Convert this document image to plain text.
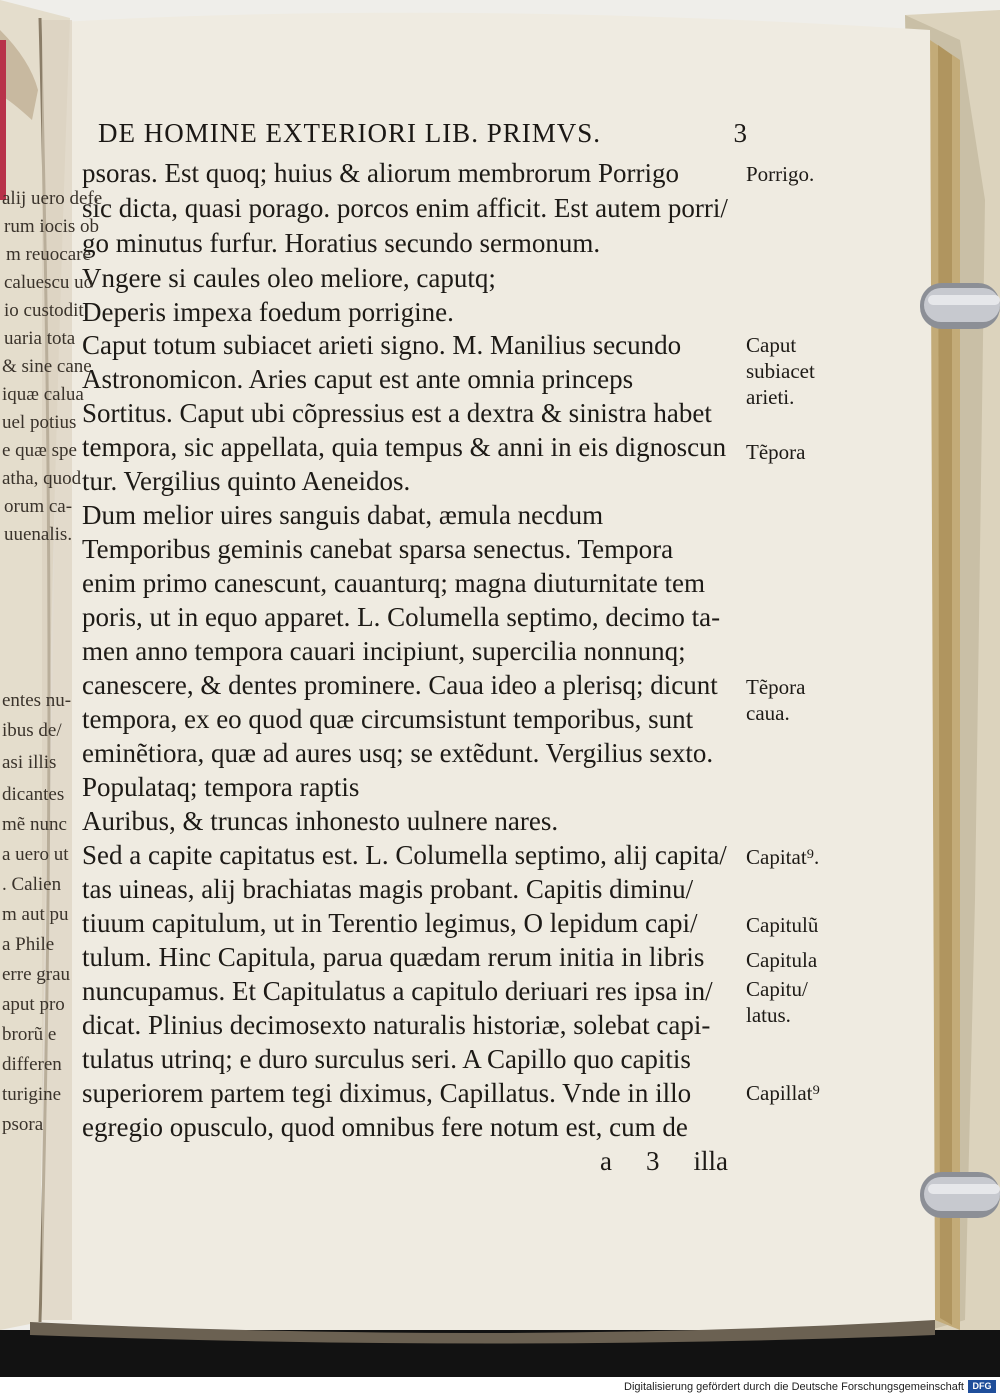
DE HOMINE EXTERIORI LIB. PRIMVS.	3
psoras. Est quoq; huius & aliorum membrorum Porrigo
sic dicta, quasi porago. porcos enim afficit. Est autem porri/
go minutus furfur. Horatius secundo sermonum.
Vngere si caules oleo meliore, caputq;
Deperis impexa foedum porrigine.
Caput totum subiacet arieti signo. M. Manilius secundo
Astronomicon. Aries caput est ante omnia princeps
Sortitus. Caput ubi cõpressius est a dextra & sinistra habet
tempora, sic appellata, quia tempus & anni in eis dignoscun
tur. Vergilius quinto Aeneidos.
Dum melior uires sanguis dabat, æmula necdum
Temporibus geminis canebat sparsa senectus. Tempora
enim primo canescunt, cauanturq; magna diuturnitate tem
poris, ut in equo apparet. L. Columella septimo, decimo ta-
men anno tempora cauari incipiunt, supercilia nonnunq;
canescere, & dentes prominere. Caua ideo a plerisq; dicunt
tempora, ex eo quod quæ circumsistunt temporibus, sunt
eminẽtiora, quæ ad aures usq; se extẽdunt. Vergilius sexto.
Populataq; tempora raptis
Auribus, & truncas inhonesto uulnere nares.
Sed a capite capitatus est. L. Columella septimo, alij capita/
tas uineas, alij brachiatas magis probant. Capitis diminu/
tiuum capitulum, ut in Terentio legimus, O lepidum capi/
tulum. Hinc Capitula, parua quædam rerum initia in libris
nuncupamus. Et Capitulatus a capitulo deriuari res ipsa in/
dicat. Plinius decimosexto naturalis historiæ, solebat capi-
tulatus utrinq; e duro surculus seri. A Capillo quo capitis
superiorem partem tegi diximus, Capillatus. Vnde in illo
egregio opusculo, quod omnibus fere notum est, cum de
Porrigo.
Caput
subiacet
arieti.
Tẽpora
Tẽpora
caua.
Capitat⁹.
Capitulũ
Capitula
Capitu/
latus.
Capillat⁹
a 3 illa
alij uero defe
rum iocis ob
m reuocare
caluescu uo
io custodit
uaria tota
& sine cane
iquæ calua
uel potius
e quæ spe
atha, quod
orum ca-
uuenalis.
entes nu-
ibus de/
asi illis
dicantes
mẽ nunc
a uero ut
. Calien
m aut pu
a Phile
erre grau
aput pro
brorũ e
differen
turigine
psora
Digitalisierung gefördert durch die Deutsche Forschungsgemeinschaft DFG
